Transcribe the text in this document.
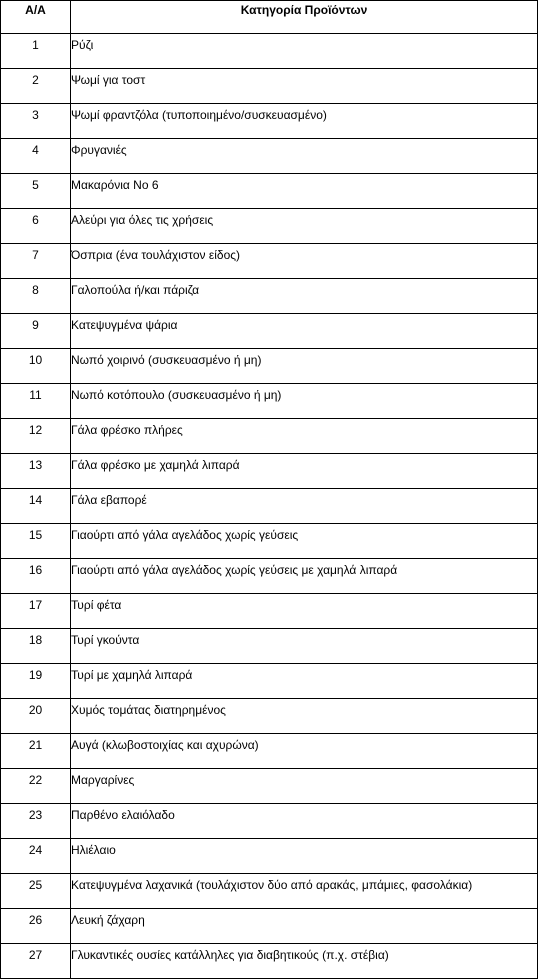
Α/Α	Κατηγορία Προϊόντων
1	Ρύζι
2	Ψωμί για τοστ
3	Ψωμί φραντζόλα (τυποποιημένο/συσκευασμένο)
4	Φρυγανιές
5	Μακαρόνια Νο 6
6	Αλεύρι για όλες τις χρήσεις
7	Όσπρια (ένα τουλάχιστον είδος)
8	Γαλοπούλα ή/και πάριζα
9	Κατεψυγμένα ψάρια
10	Νωπό χοιρινό (συσκευασμένο ή μη)
11	Νωπό κοτόπουλο (συσκευασμένο ή μη)
12	Γάλα φρέσκο πλήρες
13	Γάλα φρέσκο με χαμηλά λιπαρά
14	Γάλα εβαπορέ
15	Γιαούρτι από γάλα αγελάδος χωρίς γεύσεις
16	Γιαούρτι από γάλα αγελάδος χωρίς γεύσεις με χαμηλά λιπαρά
17	Τυρί φέτα
18	Τυρί γκούντα
19	Τυρί με χαμηλά λιπαρά
20	Χυμός τομάτας διατηρημένος
21	Αυγά (κλωβοστοιχίας και αχυρώνα)
22	Μαργαρίνες
23	Παρθένο ελαιόλαδο
24	Ηλιέλαιο
25	Κατεψυγμένα λαχανικά (τουλάχιστον δύο από αρακάς, μπάμιες, φασολάκια)
26	Λευκή ζάχαρη
27	Γλυκαντικές ουσίες κατάλληλες για διαβητικούς (π.χ. στέβια)
